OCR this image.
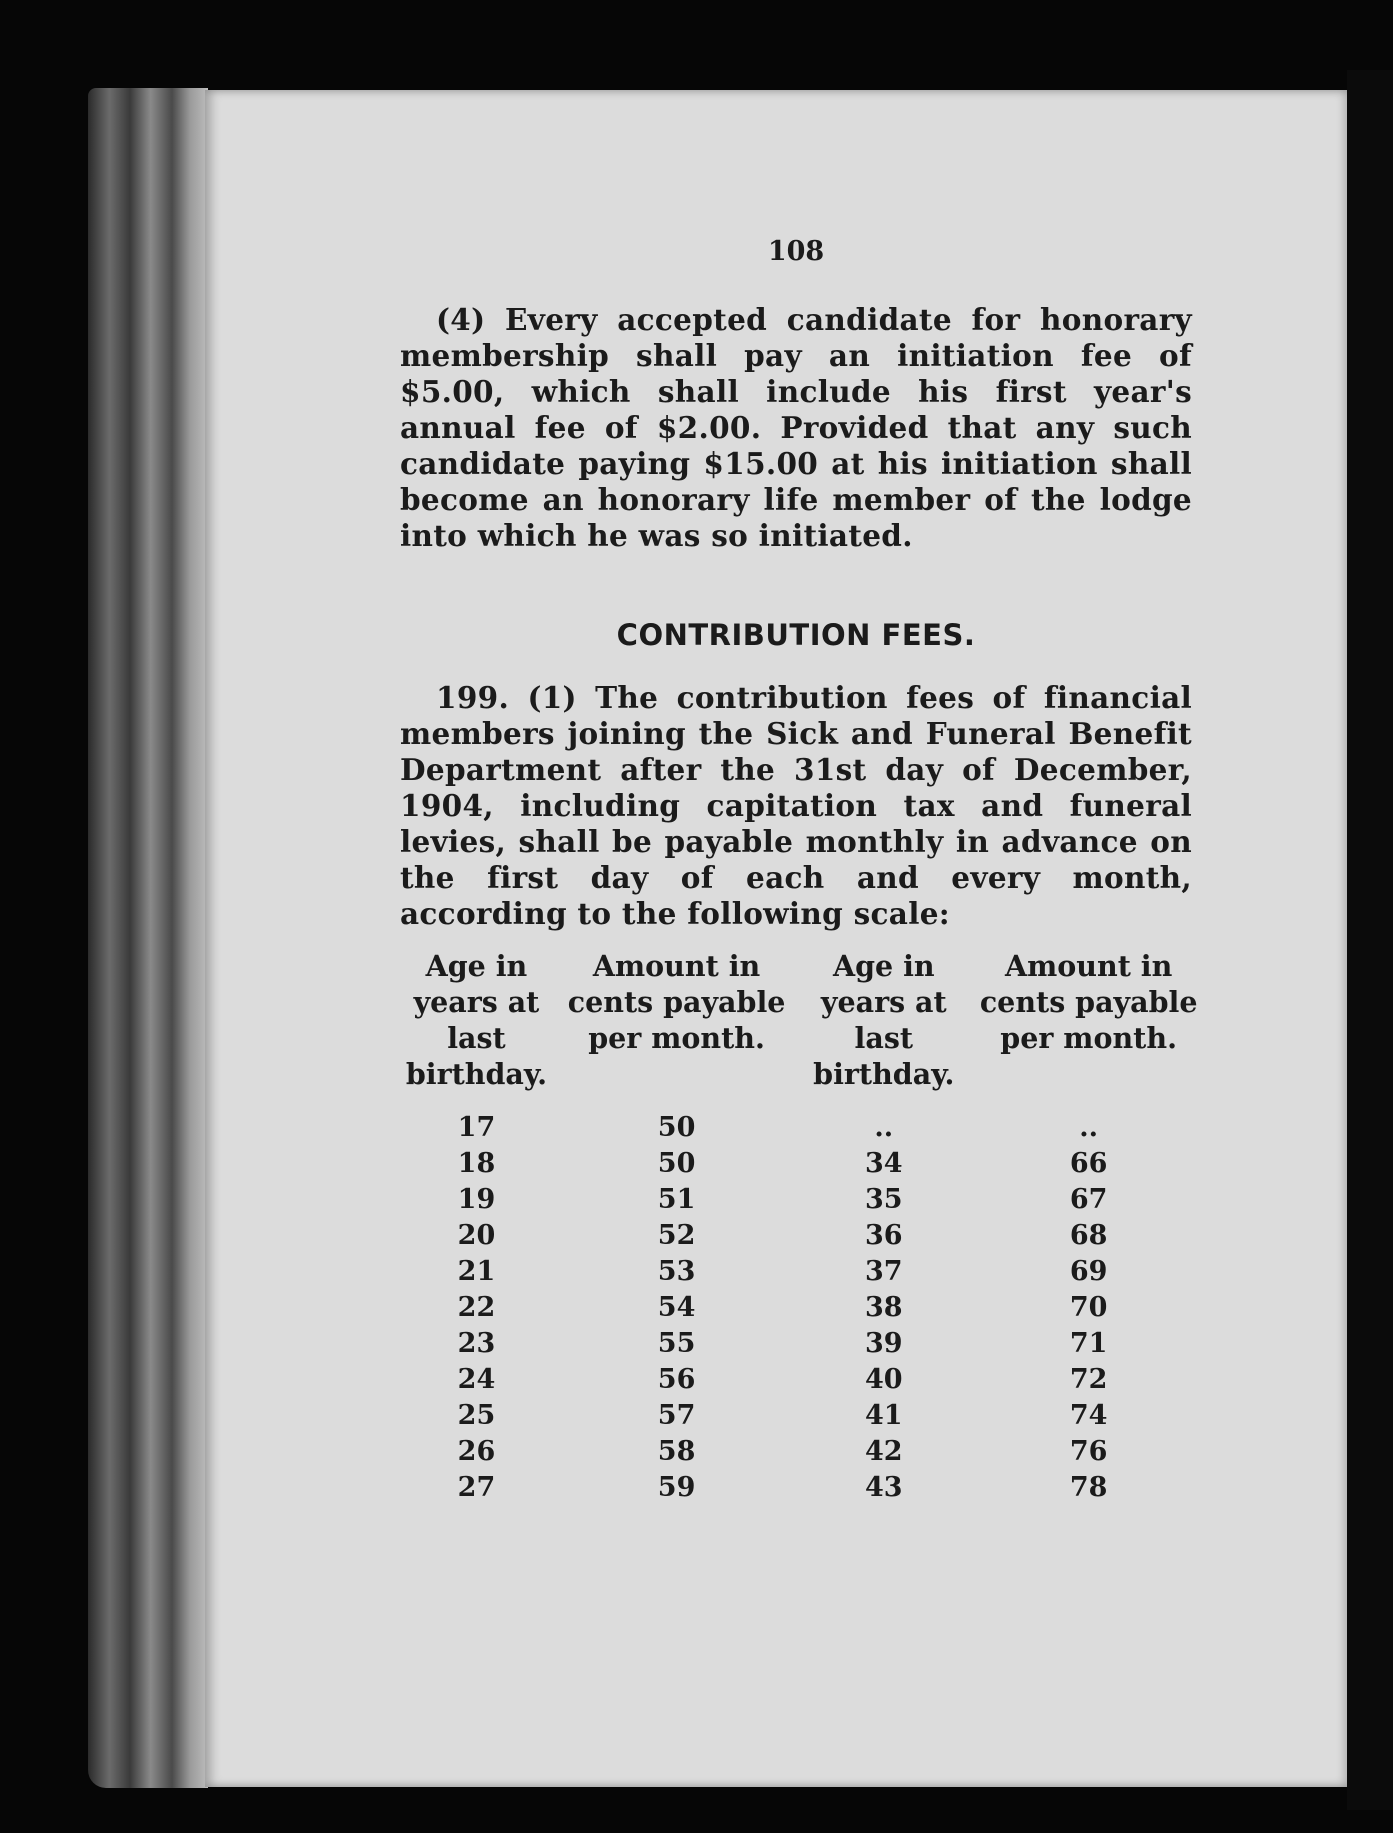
108
(4) Every accepted candidate for honorary membership shall pay an initiation fee of $5.00, which shall include his first year's annual fee of $2.00. Provided that any such candidate paying $15.00 at his initiation shall become an honorary life member of the lodge into which he was so initiated.
CONTRIBUTION FEES.
199. (1) The contribution fees of financial members joining the Sick and Funeral Benefit Department after the 31st day of December, 1904, including capitation tax and funeral levies, shall be payable monthly in advance on the first day of each and every month, according to the following scale:
Age in years at last birthday.	Amount in cents payable per month.	Age in years at last birthday.	Amount in cents payable per month.
17	50	..	..
18	50	34	66
19	51	35	67
20	52	36	68
21	53	37	69
22	54	38	70
23	55	39	71
24	56	40	72
25	57	41	74
26	58	42	76
27	59	43	78
